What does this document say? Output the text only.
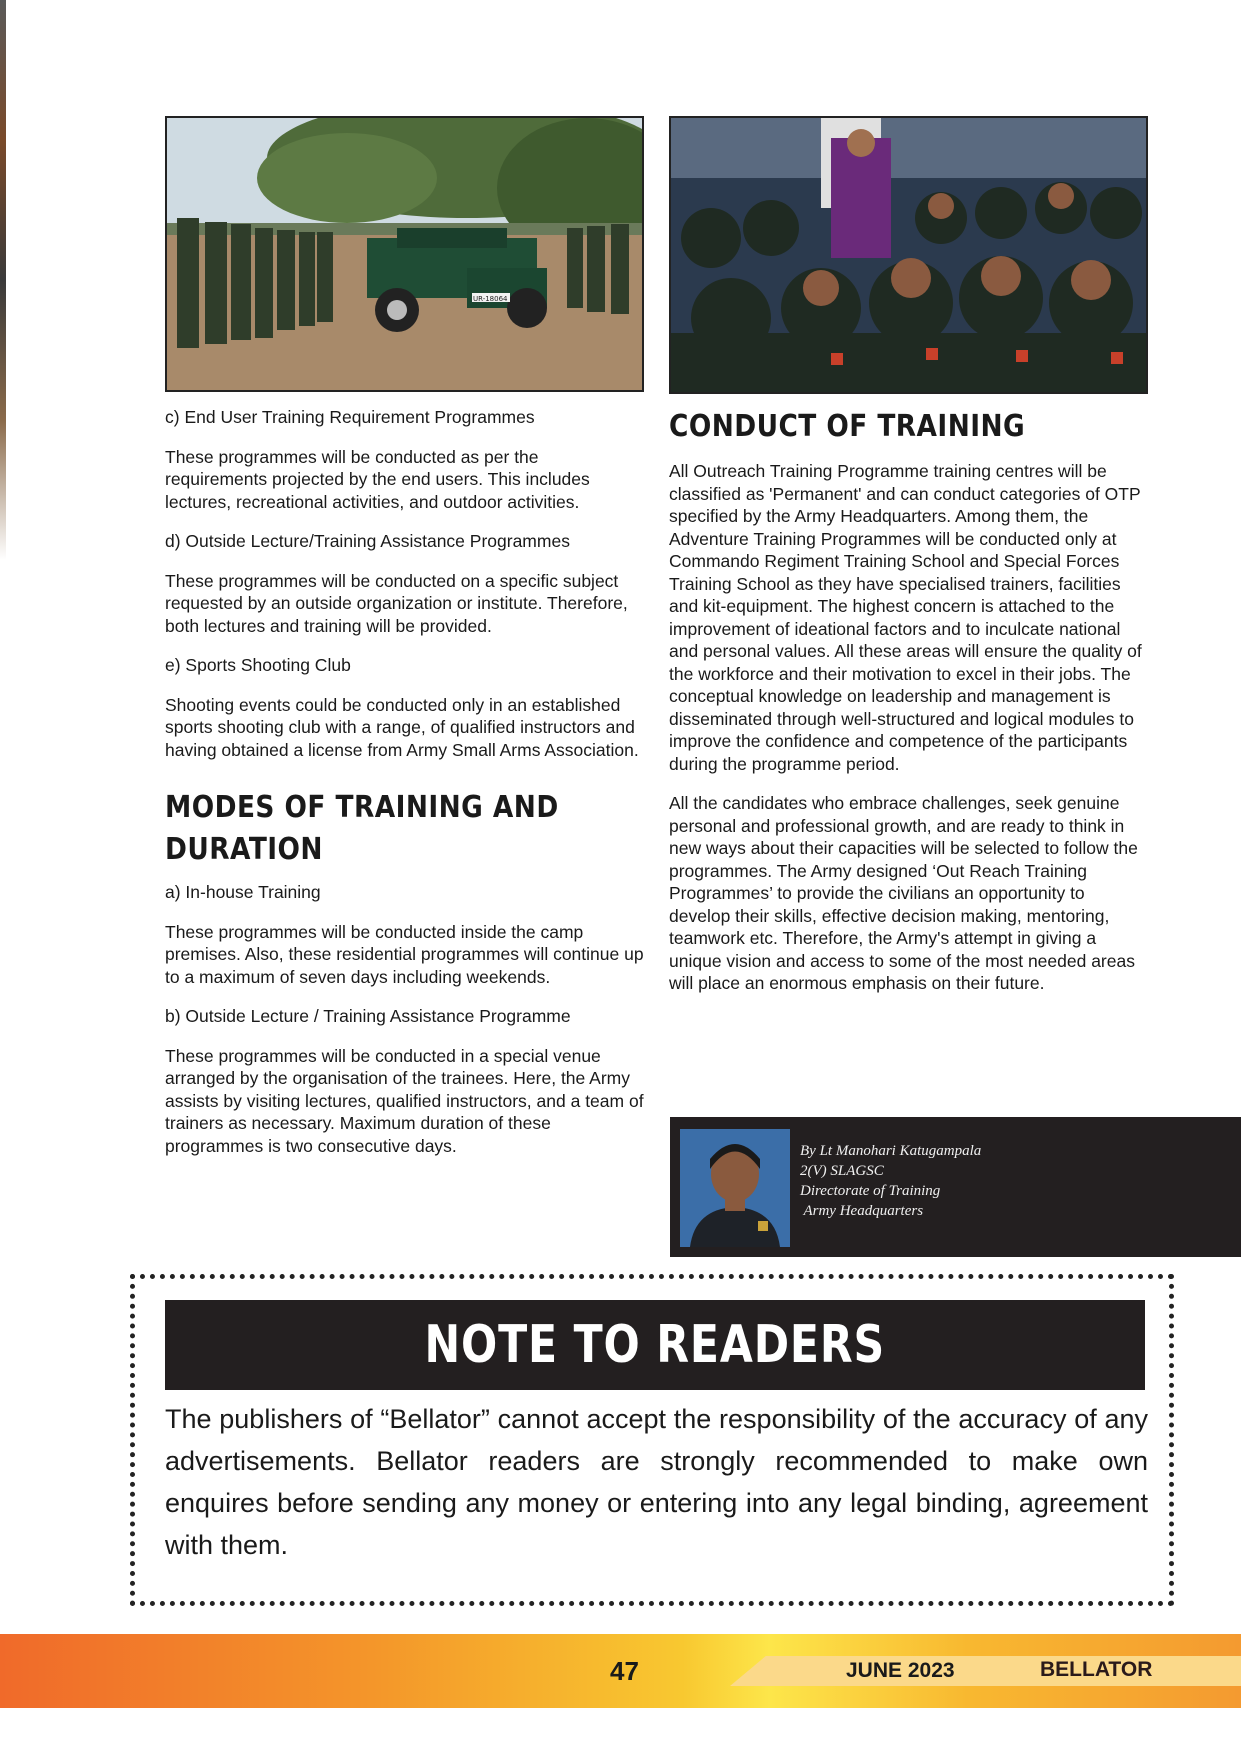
UR-18064

c) End User Training Requirement Programmes

These programmes will be conducted as per the requirements projected by the end users. This includes lectures, recreational activities, and outdoor activities.

d) Outside Lecture/Training Assistance Programmes

These programmes will be conducted on a specific subject requested by an outside organization or institute. Therefore, both lectures and training will be provided.

e) Sports Shooting Club

Shooting events could be conducted only in an established sports shooting club with a range, of qualified instructors and having obtained a license from Army Small Arms Association.

MODES OF TRAINING AND DURATION

a) In-house Training

These programmes will be conducted inside the camp premises. Also, these residential programmes will continue up to a maximum of seven days including weekends.

b) Outside Lecture / Training Assistance Programme

These programmes will be conducted in a special venue arranged by the organisation of the trainees. Here, the Army assists by visiting lectures, qualified instructors, and a team of trainers as necessary. Maximum duration of these programmes is two consecutive days.

CONDUCT OF TRAINING

All Outreach Training Programme training centres will be classified as 'Permanent' and can conduct categories of OTP specified by the Army Headquarters. Among them, the Adventure Training Programmes will be conducted only at Commando Regiment Training School and Special Forces Training School as they have specialised trainers, facilities and kit-equipment. The highest concern is attached to the improvement of ideational factors and to inculcate national and personal values. All these areas will ensure the quality of the workforce and their motivation to excel in their jobs. The conceptual knowledge on leadership and management is disseminated through well-structured and logical modules to improve the confidence and competence of the participants during the programme period.

All the candidates who embrace challenges, seek genuine personal and professional growth, and are ready to think in new ways about their capacities will be selected to follow the programmes. The Army designed ‘Out Reach Training Programmes’ to provide the civilians an opportunity to develop their skills, effective decision making, mentoring, teamwork etc. Therefore, the Army's attempt in giving a unique vision and access to some of the most needed areas will place an enormous emphasis on their future.

By Lt Manohari Katugampala
2(V) SLAGSC
Directorate of Training
Army Headquarters
NOTE TO READERS
The publishers of “Bellator” cannot accept the responsibility of the accuracy of any advertisements. Bellator readers are strongly recommended to make own enquires before sending any money or entering into any legal binding, agreement with them.
47	JUNE 2023	BELLATOR
